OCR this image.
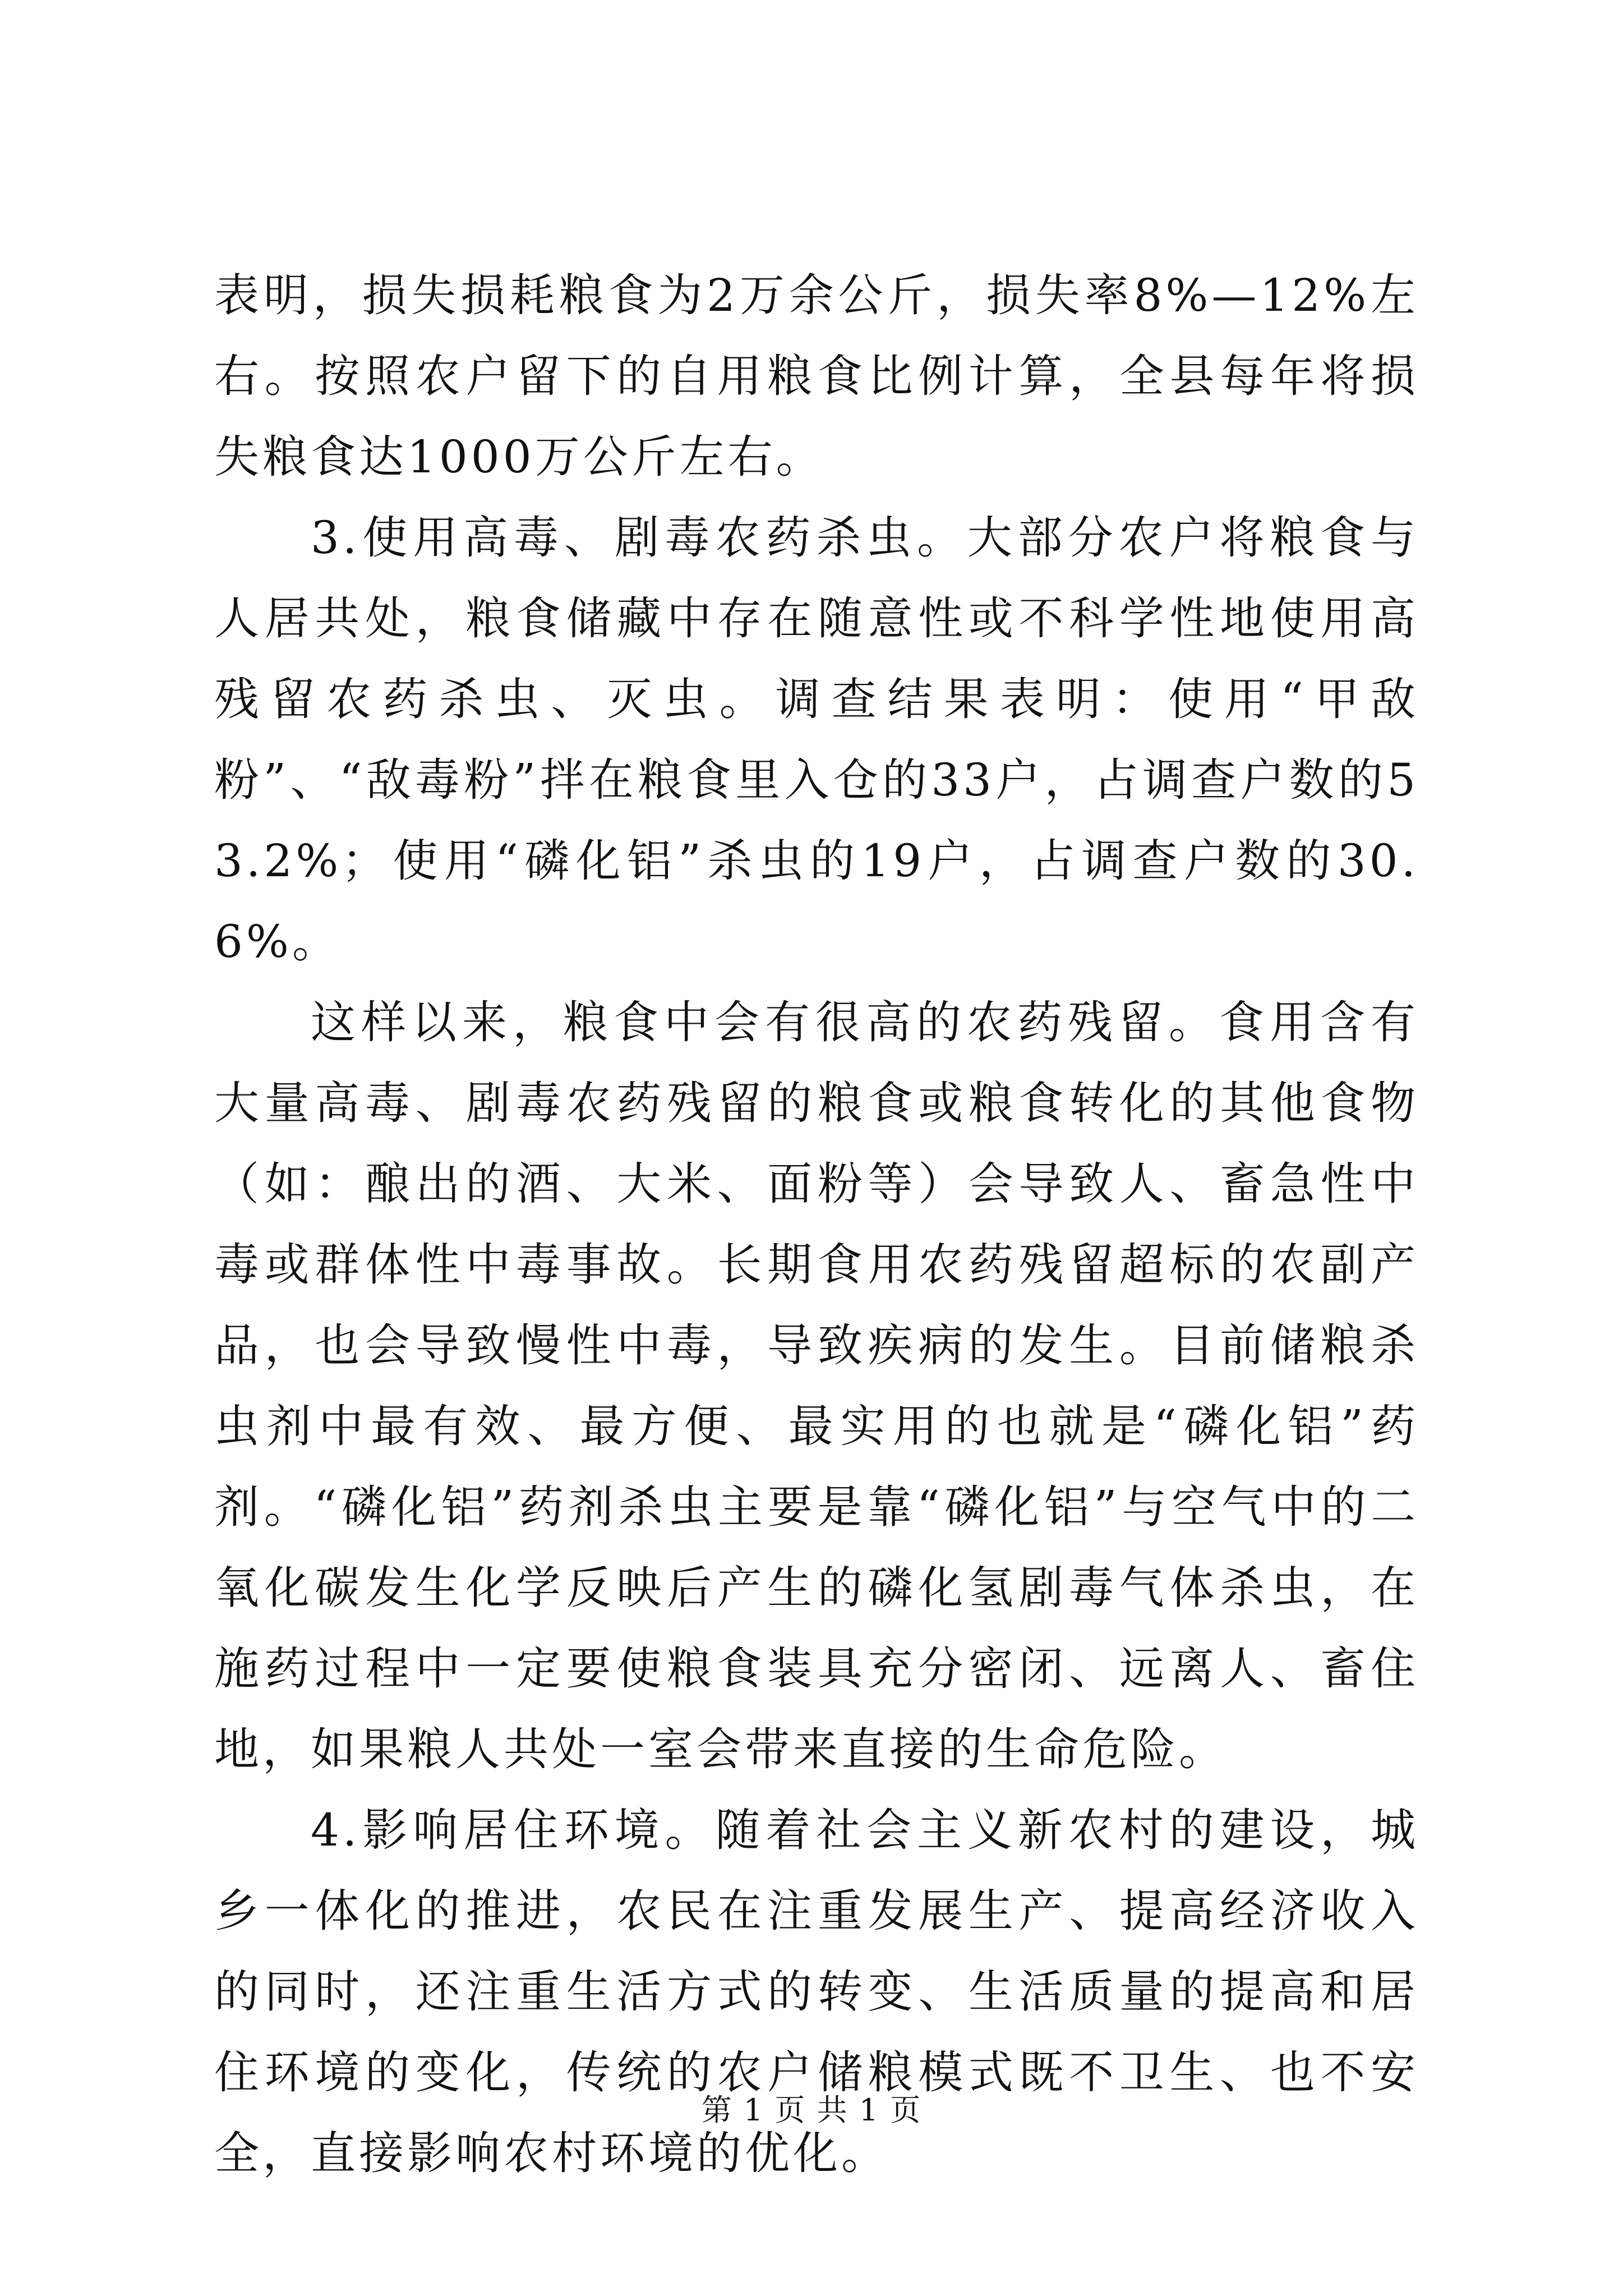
表明，损失损耗粮食为2万余公斤，损失率8%—12%左右。按照农户留下的自用粮食比例计算，全县每年将损失粮食达1000万公斤左右。

3.使用高毒、剧毒农药杀虫。大部分农户将粮食与人居共处，粮食储藏中存在随意性或不科学性地使用高残留农药杀虫、灭虫。调查结果表明：使用“甲敌粉”、“敌毒粉”拌在粮食里入仓的33户，占调查户数的53.2%；使用“磷化铝”杀虫的19户，占调查户数的30.6%。

这样以来，粮食中会有很高的农药残留。食用含有大量高毒、剧毒农药残留的粮食或粮食转化的其他食物（如：酿出的酒、大米、面粉等）会导致人、畜急性中毒或群体性中毒事故。长期食用农药残留超标的农副产品，也会导致慢性中毒，导致疾病的发生。目前储粮杀虫剂中最有效、最方便、最实用的也就是“磷化铝”药剂。“磷化铝”药剂杀虫主要是靠“磷化铝”与空气中的二氧化碳发生化学反映后产生的磷化氢剧毒气体杀虫，在施药过程中一定要使粮食装具充分密闭、远离人、畜住地，如果粮人共处一室会带来直接的生命危险。

4.影响居住环境。随着社会主义新农村的建设，城乡一体化的推进，农民在注重发展生产、提高经济收入的同时，还注重生活方式的转变、生活质量的提高和居住环境的变化，传统的农户储粮模式既不卫生、也不安全，直接影响农村环境的优化。

第 1 页 共 1 页
